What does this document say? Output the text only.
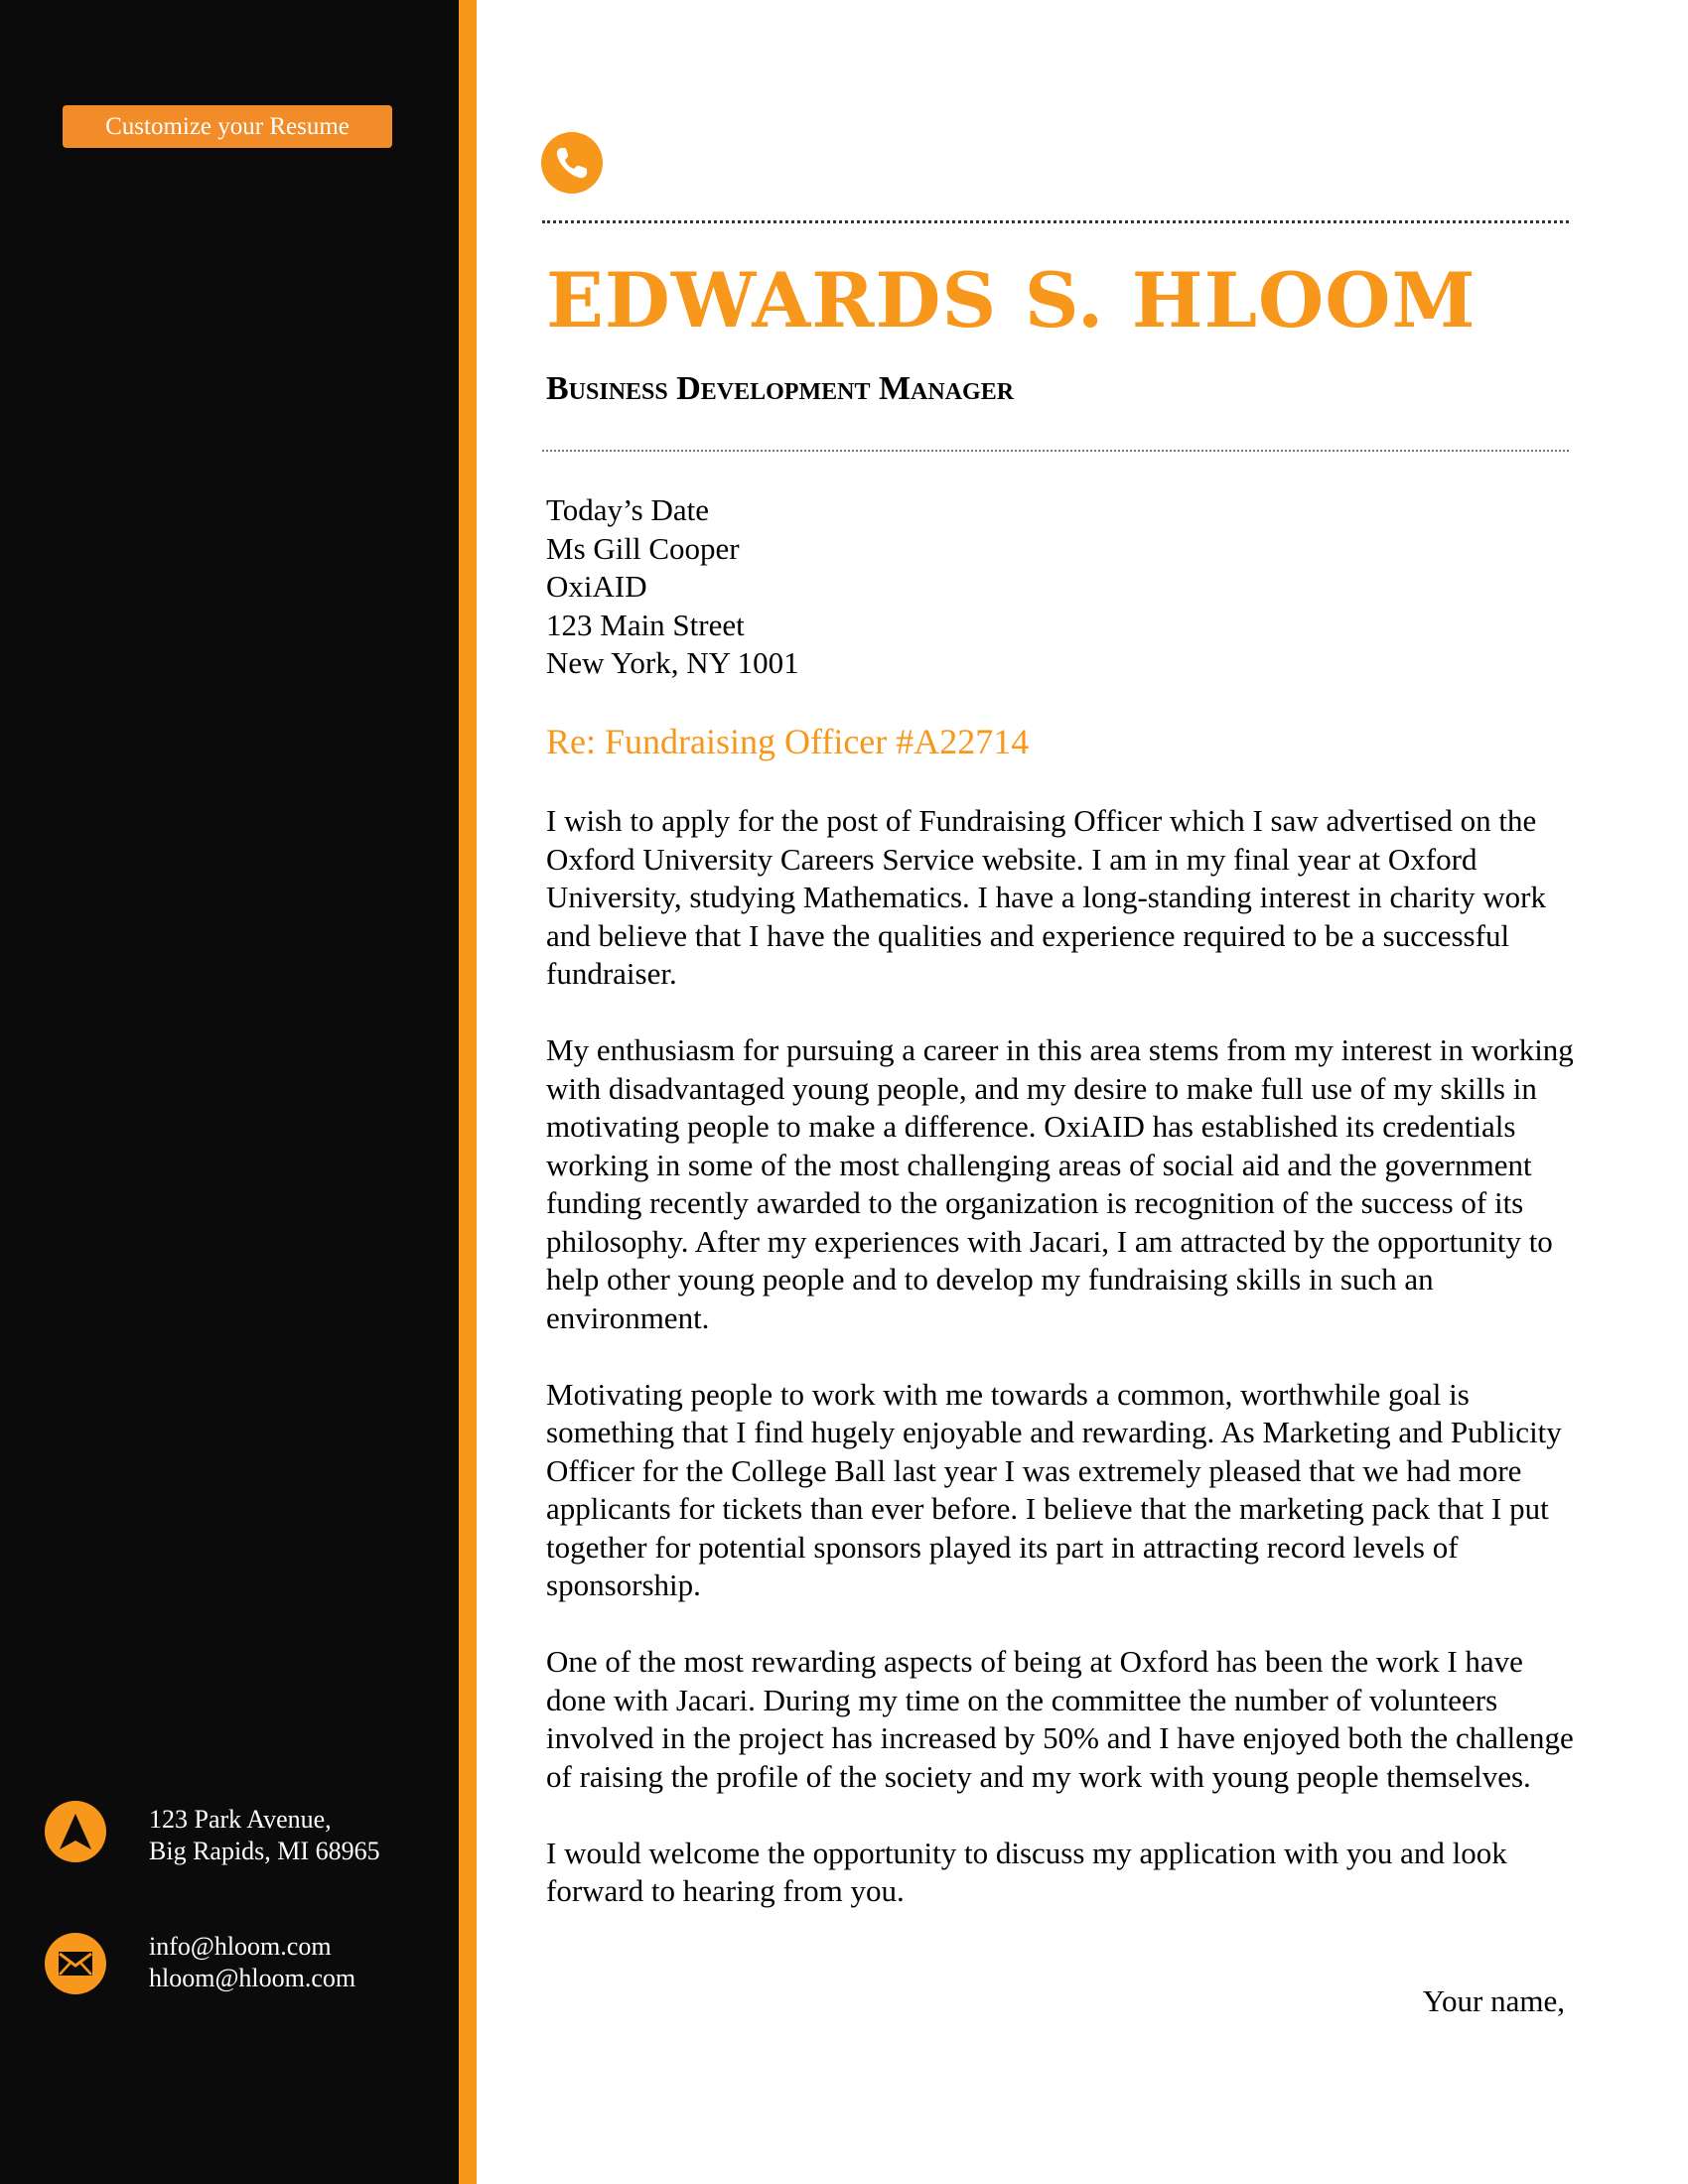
Customize your Resume
123 Park Avenue,
Big Rapids, MI 68965
info@hloom.com
hloom@hloom.com
EDWARDS S. HLOOM
Business Development Manager
Today’s Date
Ms Gill Cooper
OxiAID
123 Main Street
New York, NY 1001
Re: Fundraising Officer #A22714

I wish to apply for the post of Fundraising Officer which I saw advertised on the Oxford University Careers Service website. I am in my final year at Oxford University, studying Mathematics. I have a long-standing interest in charity work and believe that I have the qualities and experience required to be a successful fundraiser.

My enthusiasm for pursuing a career in this area stems from my interest in working with disadvantaged young people, and my desire to make full use of my skills in motivating people to make a difference. OxiAID has established its credentials working in some of the most challenging areas of social aid and the government funding recently awarded to the organization is recognition of the success of its philosophy. After my experiences with Jacari, I am attracted by the opportunity to help other young people and to develop my fundraising skills in such an environment.

Motivating people to work with me towards a common, worthwhile goal is something that I find hugely enjoyable and rewarding. As Marketing and Publicity Officer for the College Ball last year I was extremely pleased that we had more applicants for tickets than ever before. I believe that the marketing pack that I put together for potential sponsors played its part in attracting record levels of sponsorship.

One of the most rewarding aspects of being at Oxford has been the work I have done with Jacari. During my time on the committee the number of volunteers involved in the project has increased by 50% and I have enjoyed both the challenge of raising the profile of the society and my work with young people themselves.

I would welcome the opportunity to discuss my application with you and look forward to hearing from you.

Your name,
